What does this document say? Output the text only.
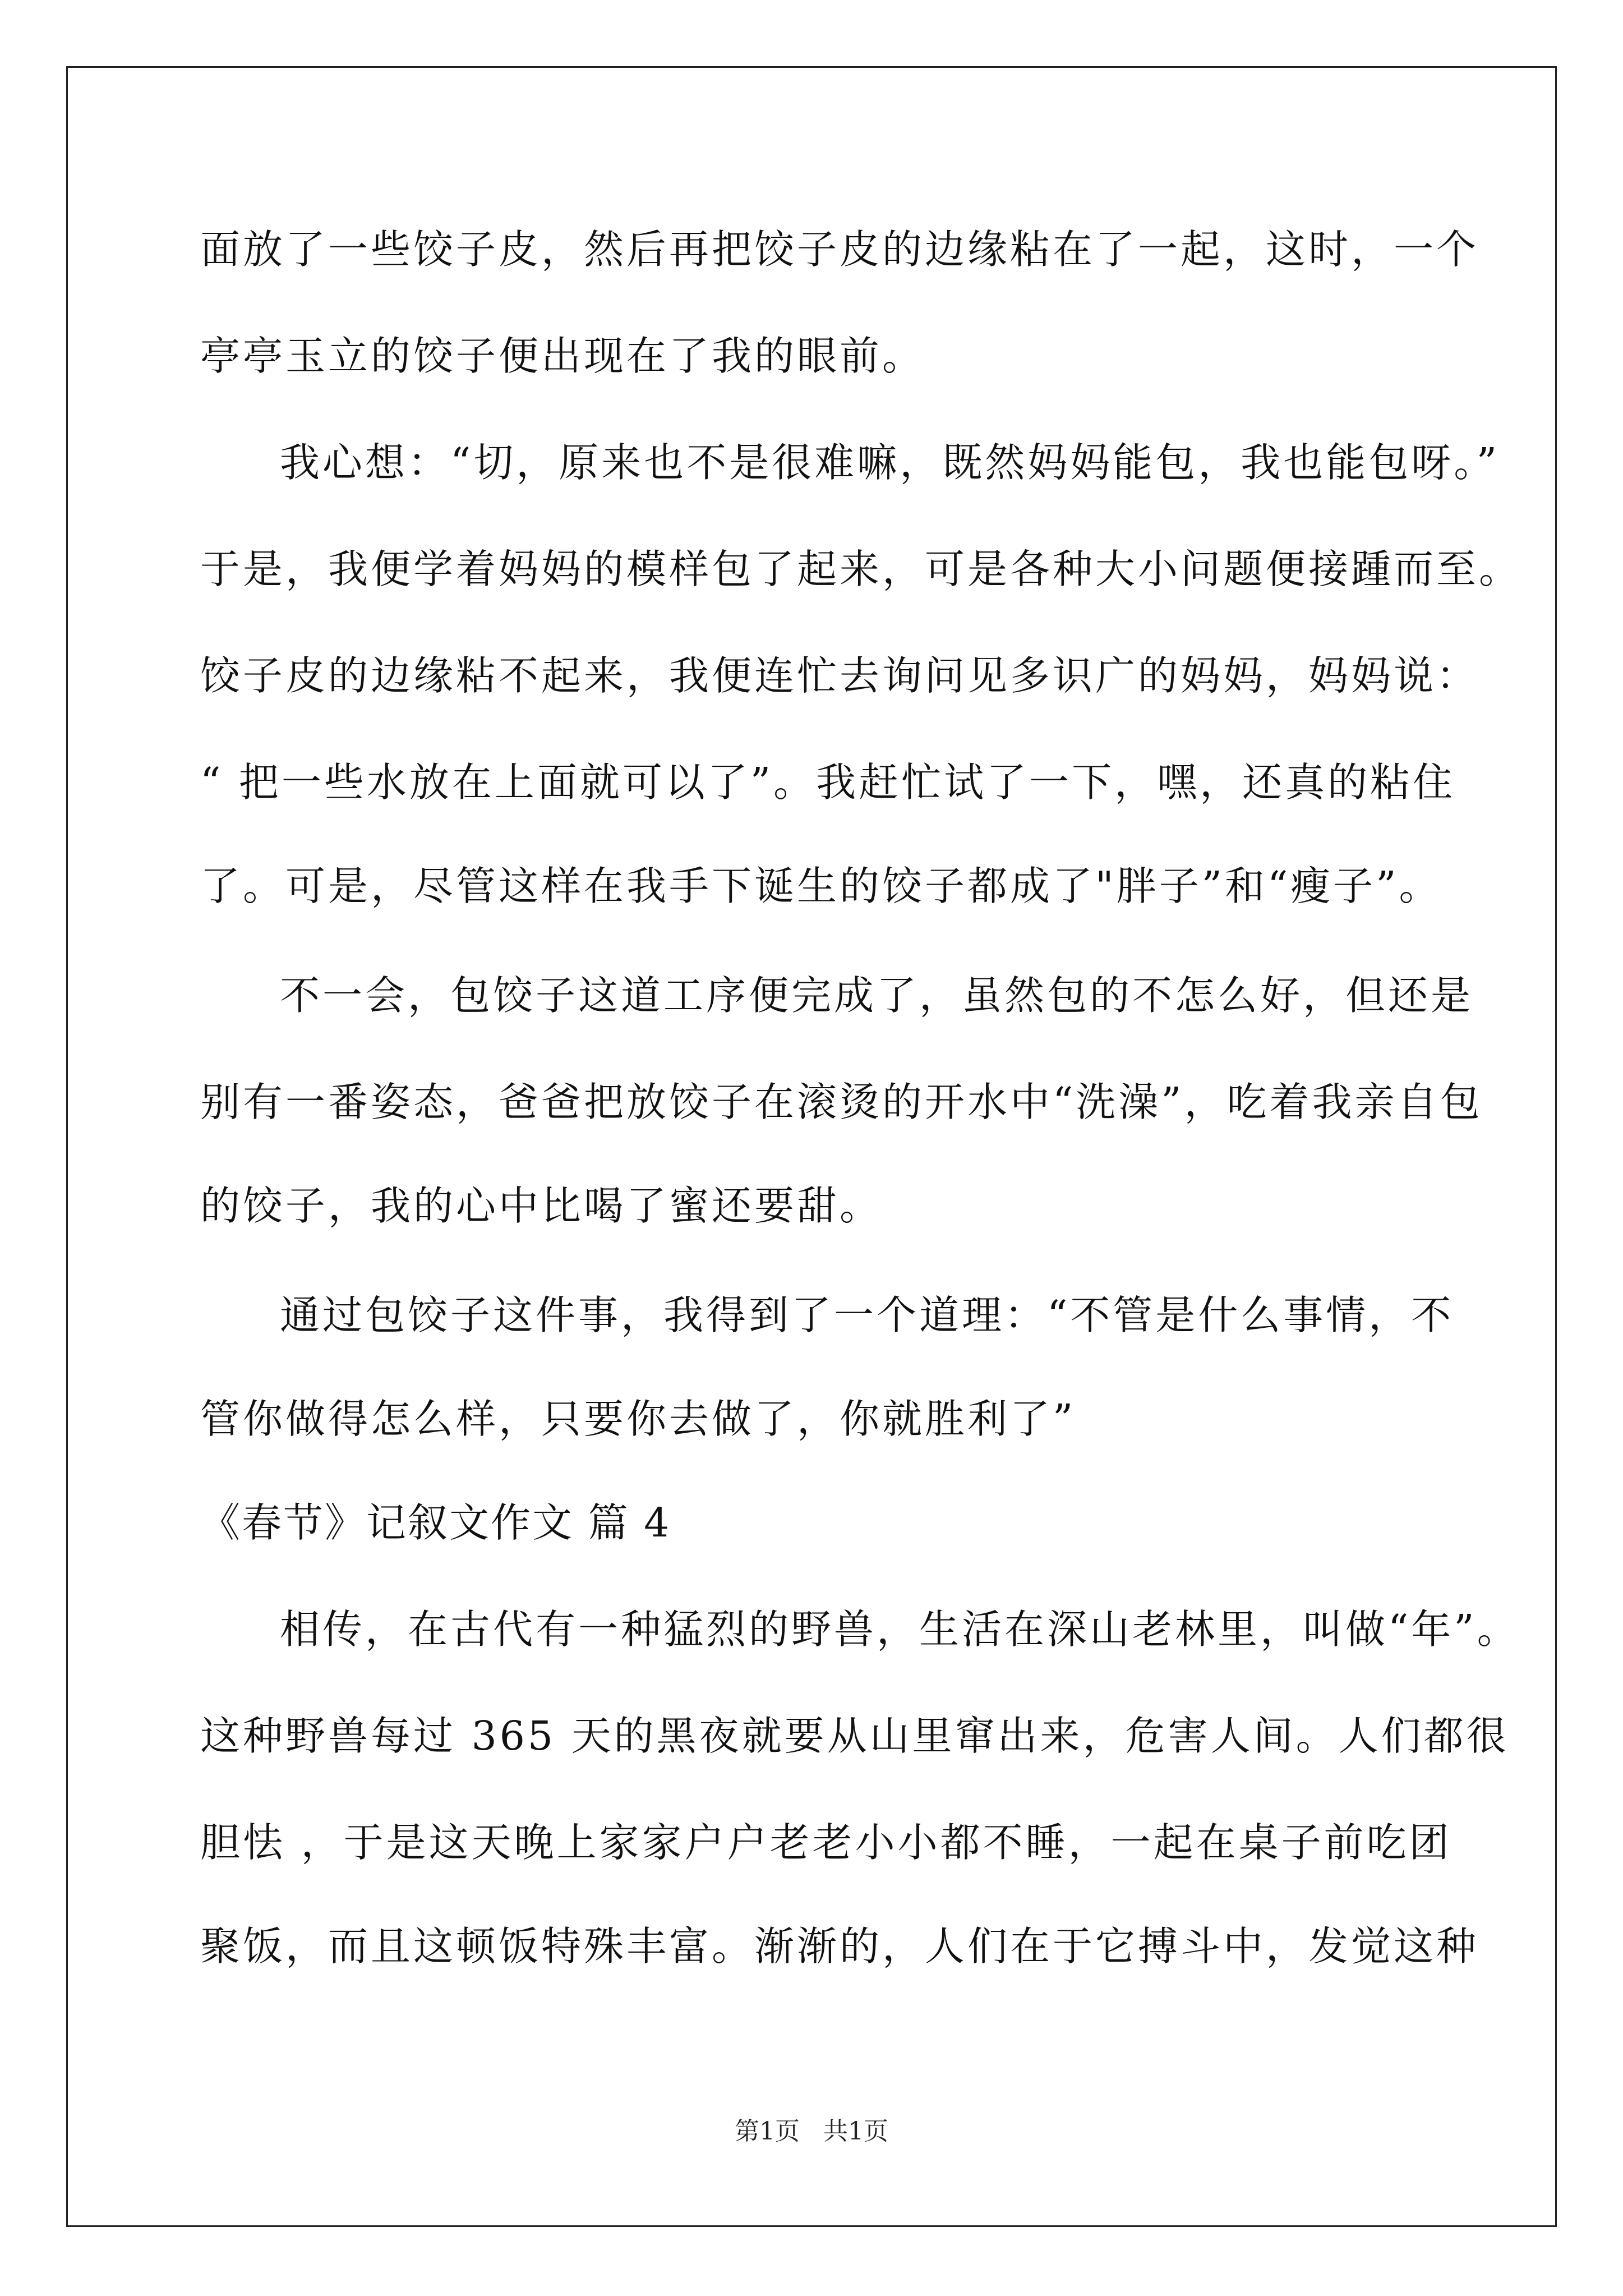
面放了一些饺子皮，然后再把饺子皮的边缘粘在了一起，这时，一个
亭亭玉立的饺子便出现在了我的眼前。
我心想：“切，原来也不是很难嘛，既然妈妈能包，我也能包呀。”
于是，我便学着妈妈的模样包了起来，可是各种大小问题便接踵而至。
饺子皮的边缘粘不起来，我便连忙去询问见多识广的妈妈，妈妈说：
“ 把一些水放在上面就可以了”。我赶忙试了一下，嘿，还真的粘住
了。可是，尽管这样在我手下诞生的饺子都成了"胖子”和“瘦子”。
不一会，包饺子这道工序便完成了，虽然包的不怎么好，但还是
别有一番姿态，爸爸把放饺子在滚烫的开水中“洗澡”，吃着我亲自包
的饺子，我的心中比喝了蜜还要甜。
通过包饺子这件事，我得到了一个道理：“不管是什么事情，不
管你做得怎么样，只要你去做了，你就胜利了”
《春节》记叙文作文 篇 4
相传，在古代有一种猛烈的野兽，生活在深山老林里，叫做“年”。
这种野兽每过 365 天的黑夜就要从山里窜出来，危害人间。人们都很
胆怯 ，于是这天晚上家家户户老老小小都不睡，一起在桌子前吃团
聚饭，而且这顿饭特殊丰富。渐渐的，人们在于它搏斗中，发觉这种
第1页   共1页
